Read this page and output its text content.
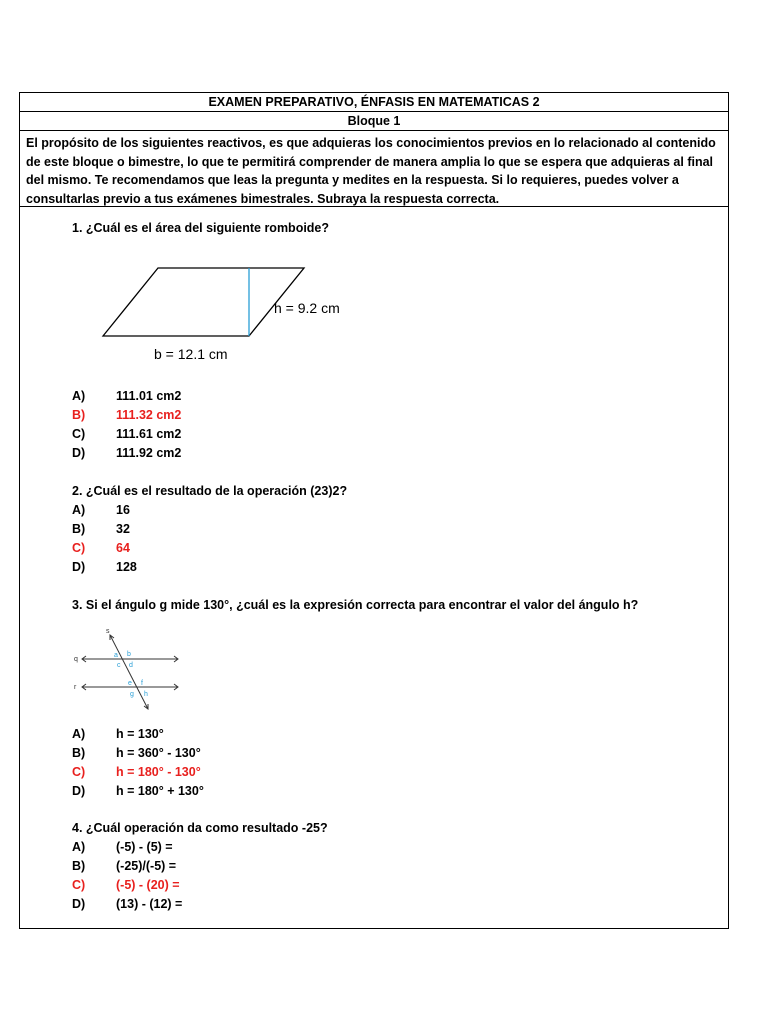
EXAMEN PREPARATIVO, ÉNFASIS EN MATEMATICAS 2
Bloque 1
El propósito de los siguientes reactivos, es que adquieras los conocimientos previos en lo relacionado al contenido de este bloque o bimestre, lo que te permitirá comprender de manera amplia lo que se espera que adquieras al final del mismo. Te recomendamos que leas la pregunta y medites en la respuesta. Si lo requieres, puedes volver a consultarlas previo a tus exámenes bimestrales. Subraya la respuesta correcta.
1. ¿Cuál es el área del siguiente romboide?
h = 9.2 cm
b = 12.1 cm
A) 111.01 cm2
B) 111.32 cm2
C) 111.61 cm2
D) 111.92 cm2
2. ¿Cuál es el resultado de la operación (23)2?
A) 16
B) 32
C) 64
D) 128
3. Si el ángulo g mide 130°, ¿cuál es la expresión correcta para encontrar el valor del ángulo h?
s
q
r
a b
c d
e f
g h
A) h = 130°
B) h = 360° - 130°
C) h = 180° - 130°
D) h = 180° + 130°
4. ¿Cuál operación da como resultado -25?
A) (-5) - (5) =
B) (-25)/(-5) =
C) (-5) - (20) =
D) (13) - (12) =
